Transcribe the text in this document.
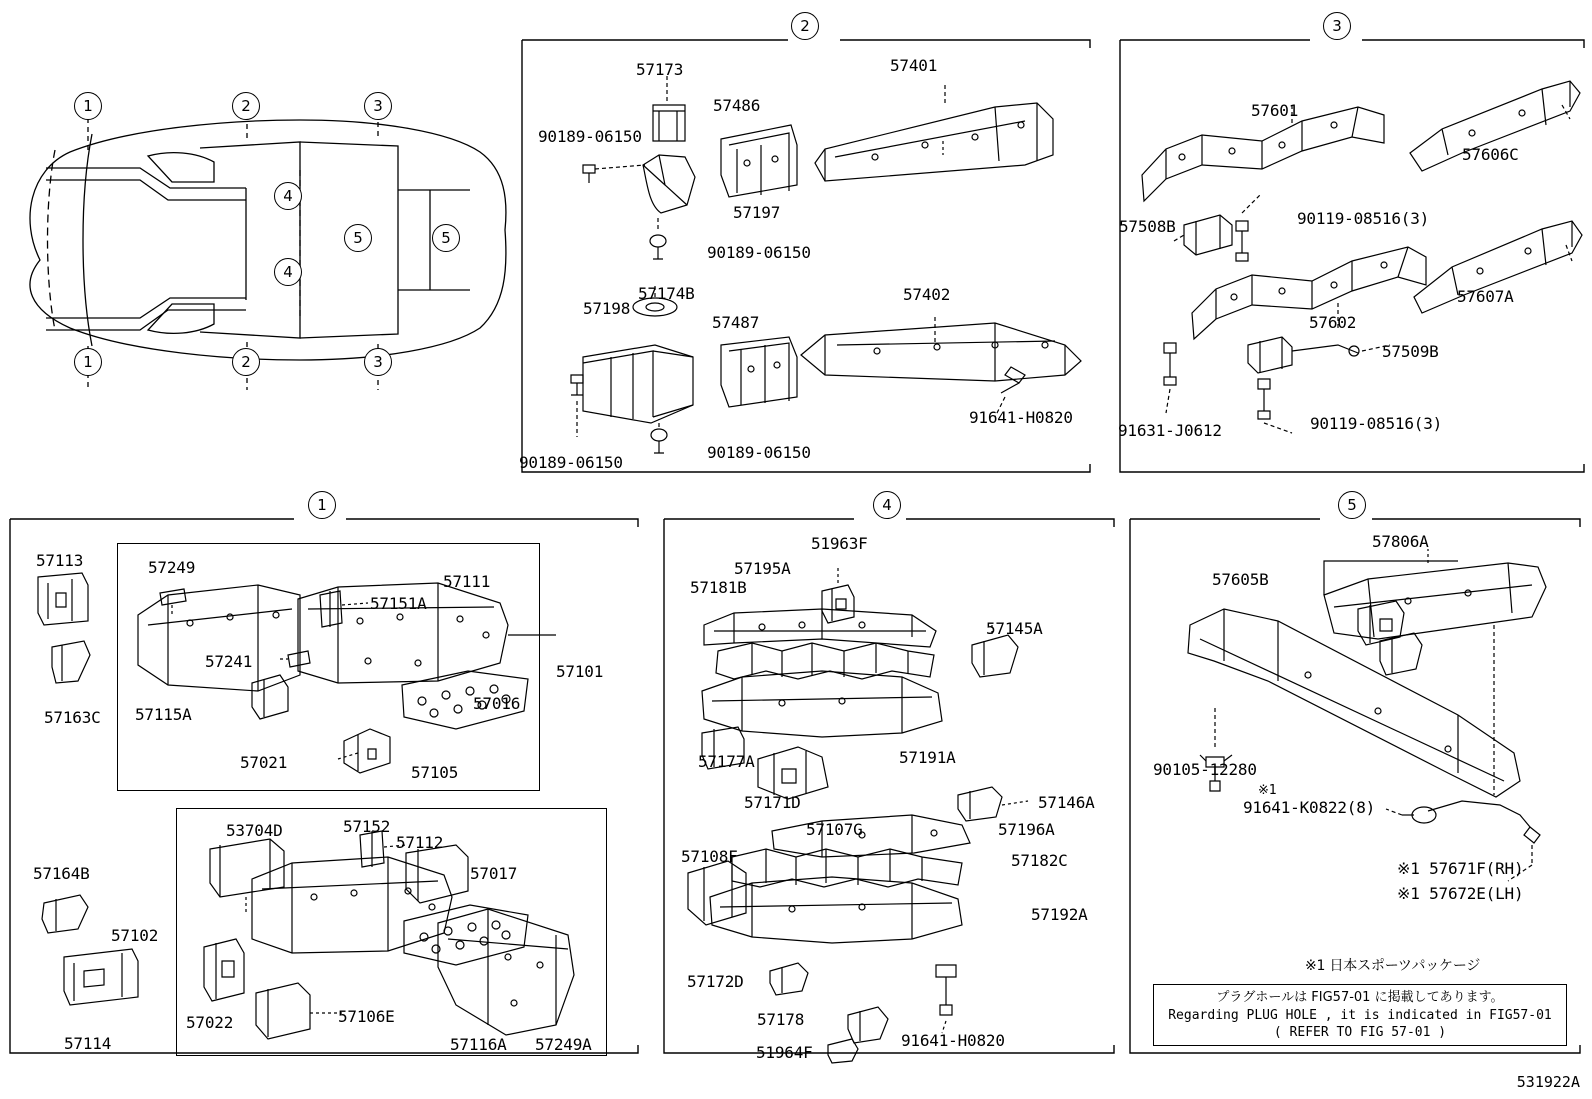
1	2	3
4
5
4
5
1	2	3
2
57173	57401
57486
90189-06150
57197
90189-06150
57402
57174B
57198
57487
91641-H0820
90189-06150
90189-06150
3
57601
57606C
57508B	90119-08516(3)
57607A
57602
57509B
91631-J0612	90119-08516(3)
1
57113	57249
57111
57151A
57241
57101
57115A
57163C
57021
57105
57016
53704D	57152
57112
57017
57164B
57102
57022	57106E
57114	57116A 57249A
4
51963F
57195A
57181B
57145A
57177A	57191A
57171D	57146A
57107G	57196A
57108F	57182C
57192A
57172D
57178
51964F
91641-H0820
5
57806A
57605B
90105-12280
※1
91641-K0822(8)
※1 57671F(RH)
※1 57672E(LH)
※1 日本スポーツパッケージ
プラグホールは FIG57-01 に掲載してあります。
Regarding PLUG HOLE , it is indicated in FIG57-01
( REFER TO FIG 57-01 )
531922A
